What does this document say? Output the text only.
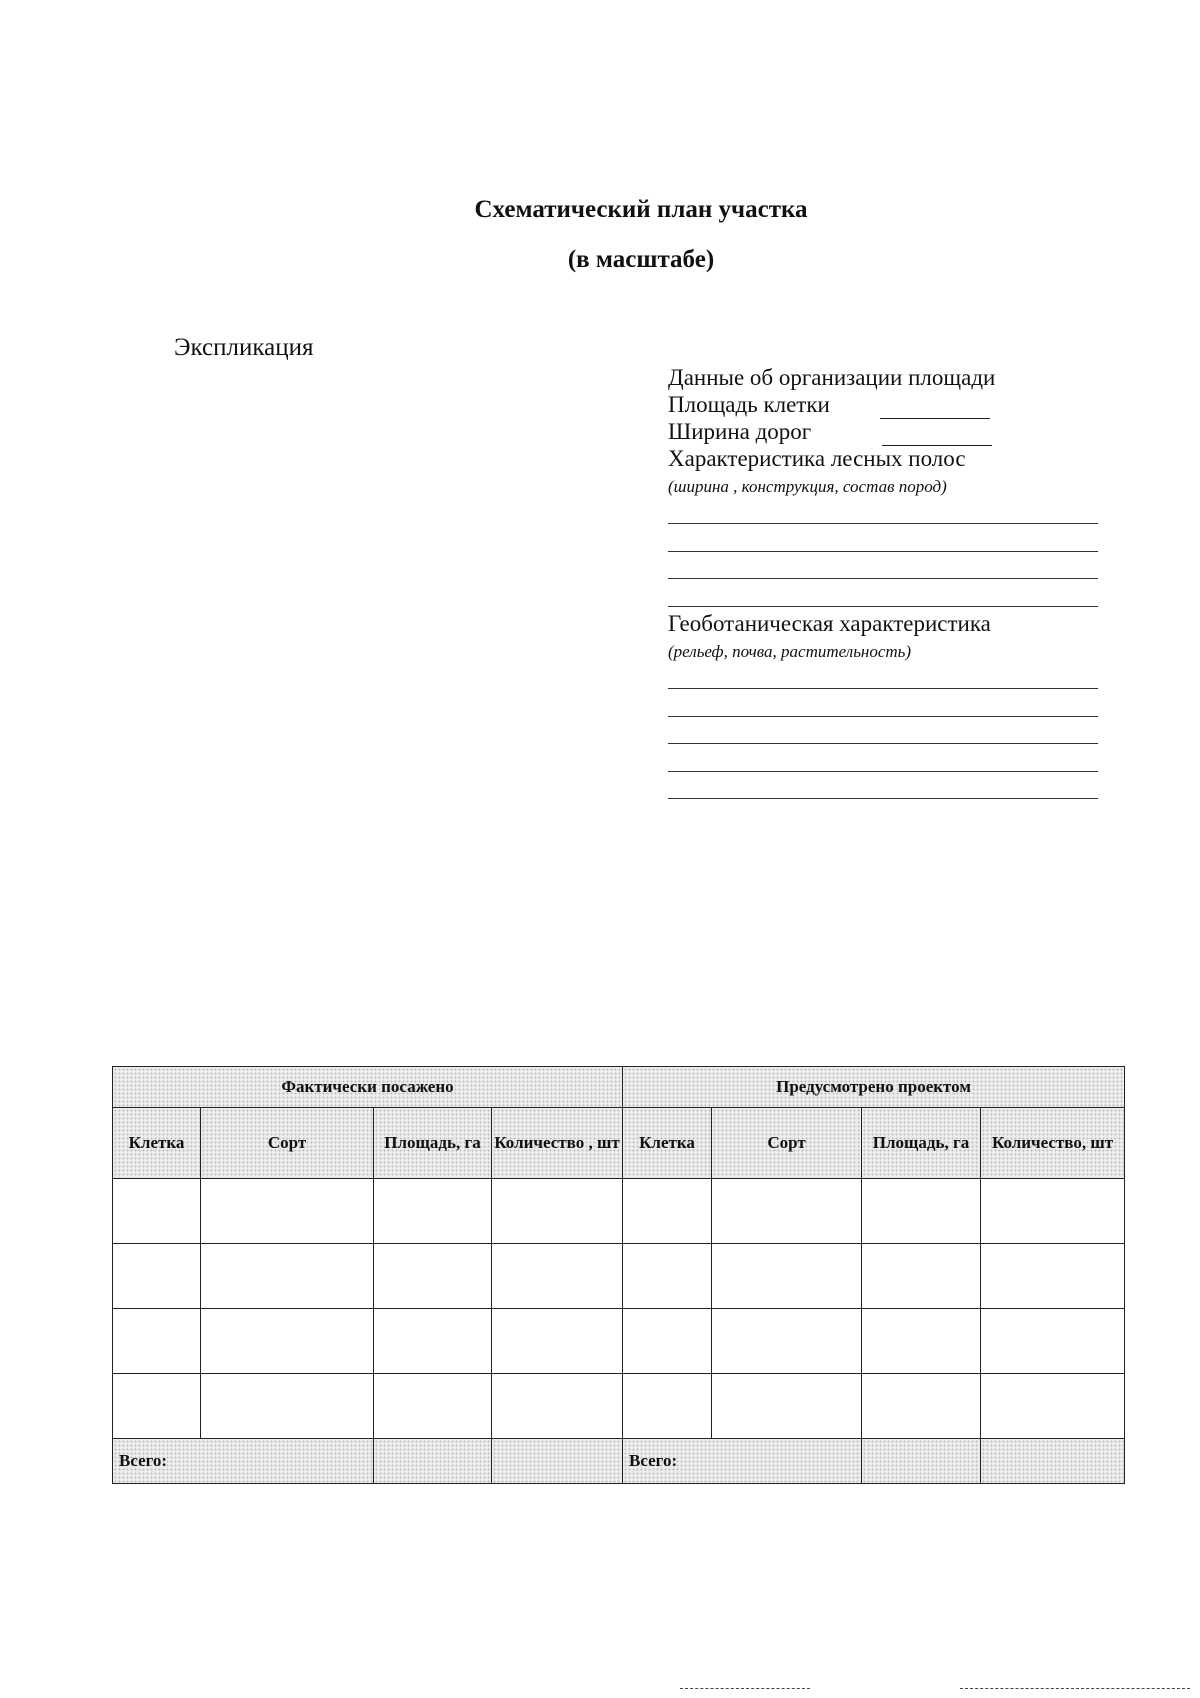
Схематический план участка
(в масштабе)
Экспликация
Данные об организации площади
Площадь клетки
Ширина дорог
Характеристика лесных полос
(ширина , конструкция, состав пород)
Геоботаническая характеристика
(рельеф, почва, растительность)
Фактически посажено				Предусмотрено проектом			
Клетка	Сорт	Площадь, га	Количество , шт	Клетка	Сорт	Площадь, га	Количество, шт

Всего:				Всего:			
